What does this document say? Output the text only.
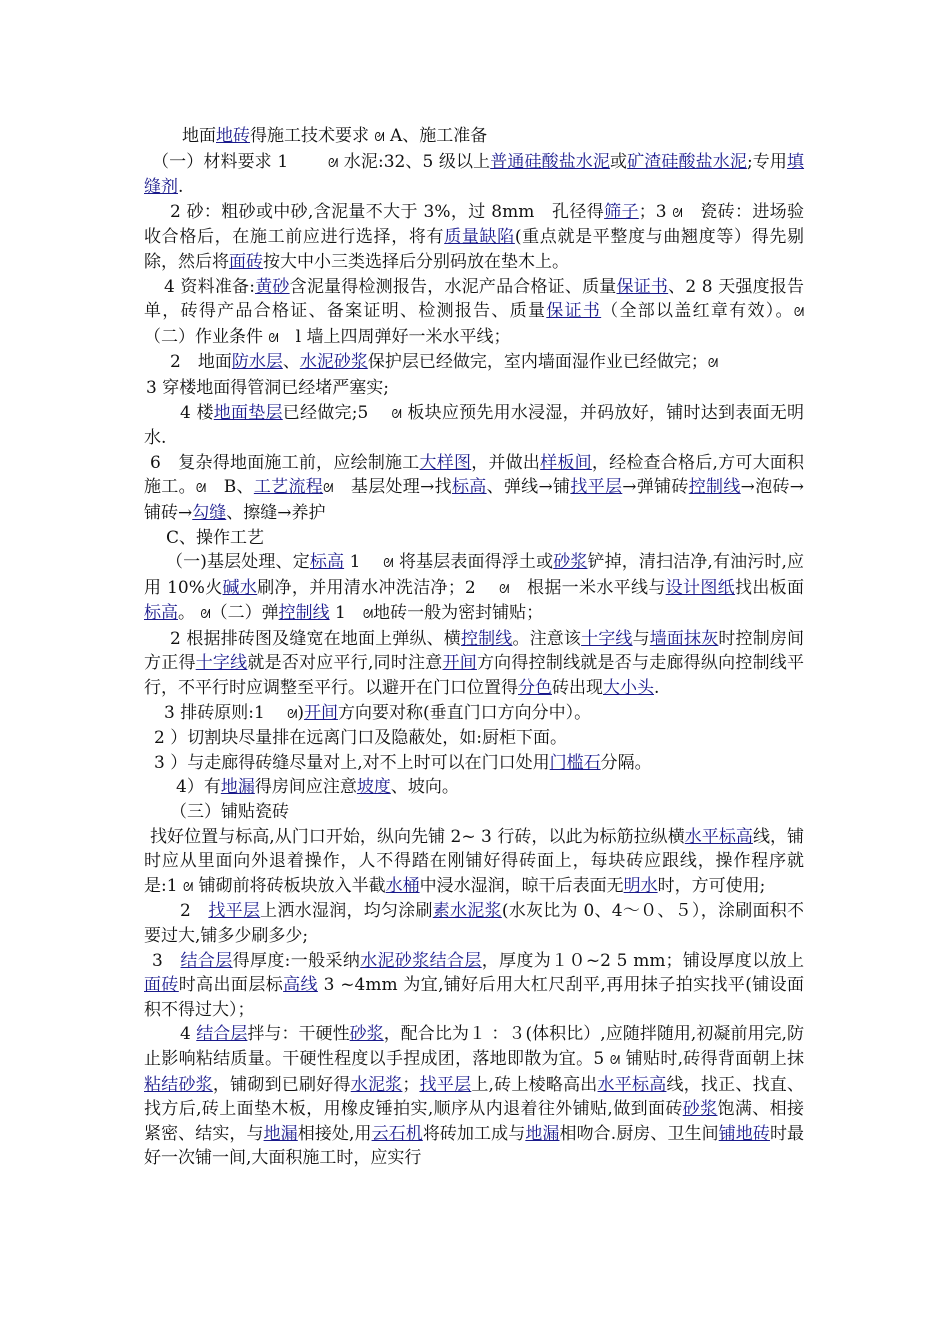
地面地砖得施工技术要求 ᘛ A、施工准备

（一）材料要求 1　　 ᘛ 水泥:32、5 级以上普通硅酸盐水泥或矿渣硅酸盐水泥;专用填缝剂.

2 砂：粗砂或中砂,含泥量不大于 3%，过 8mm　孔径得筛子；3 ᘛ　瓷砖：进场验收合格后，在施工前应进行选择，将有质量缺陷(重点就是平整度与曲翘度等）得先剔除，然后将面砖按大中小三类选择后分别码放在垫木上。

4 资料准备:黄砂含泥量得检测报告，水泥产品合格证、质量保证书、2 8 天强度报告单，砖得产品合格证、备案证明、检测报告、质量保证书（全部以盖红章有效）。ᘛ　　（二）作业条件 ᘛ　l 墙上四周弹好一米水平线；

2　地面防水层、水泥砂浆保护层已经做完，室内墙面湿作业已经做完；ᘛ

3 穿楼地面得管洞已经堵严塞实;

4 楼地面垫层已经做完;5　 ᘛ 板块应预先用水浸湿，并码放好，铺时达到表面无明水.

6　复杂得地面施工前，应绘制施工大样图，并做出样板间，经检查合格后,方可大面积施工。ᘛ　B、工艺流程ᘛ　基层处理→找标高、弹线→铺找平层→弹铺砖控制线→泡砖→铺砖→勾缝、擦缝→养护

C、操作工艺

（一)基层处理、定标高 1　 ᘛ 将基层表面得浮土或砂浆铲掉，清扫洁净,有油污时,应用 10%火碱水刷净，并用清水冲洗洁净；2　 ᘛ　根据一米水平线与设计图纸找出板面标高。 ᘛ（二）弹控制线 1　ᘛ地砖一般为密封铺贴；

2 根据排砖图及缝宽在地面上弹纵、横控制线。注意该十字线与墙面抹灰时控制房间方正得十字线就是否对应平行,同时注意开间方向得控制线就是否与走廊得纵向控制线平行，不平行时应调整至平行。以避开在门口位置得分色砖出现大小头.

3 排砖原则:1　 ᘛ)开间方向要对称(垂直门口方向分中）。

2 ）切割块尽量排在远离门口及隐蔽处，如:厨柜下面。

3 ）与走廊得砖缝尽量对上,对不上时可以在门口处用门槛石分隔。

4）有地漏得房间应注意坡度、坡向。

（三）铺贴瓷砖

找好位置与标高,从门口开始，纵向先铺 2~ 3 行砖，以此为标筋拉纵横水平标高线，铺时应从里面向外退着操作，人不得踏在刚铺好得砖面上，每块砖应跟线，操作程序就是:1 ᘛ 铺砌前将砖板块放入半截水桶中浸水湿润，晾干后表面无明水时，方可使用;

2　找平层上洒水湿润，均匀涂刷素水泥浆(水灰比为 0、4～０、５），涂刷面积不要过大,铺多少刷多少;

3　结合层得厚度:一般采纳水泥砂浆结合层，厚度为１０~2 5 mm；铺设厚度以放上面砖时高出面层标高线 3 ~4mm 为宜,铺好后用大杠尺刮平,再用抹子拍实找平(铺设面积不得过大）；

4 结合层拌与：干硬性砂浆，配合比为１ ：３(体积比）,应随拌随用,初凝前用完,防止影响粘结质量。干硬性程度以手捏成团，落地即散为宜。5 ᘛ 铺贴时,砖得背面朝上抹粘结砂浆，铺砌到已刷好得水泥浆；找平层上,砖上棱略高出水平标高线，找正、找直、找方后,砖上面垫木板，用橡皮锤拍实,顺序从内退着往外铺贴,做到面砖砂浆饱满、相接紧密、结实，与地漏相接处,用云石机将砖加工成与地漏相吻合.厨房、卫生间铺地砖时最好一次铺一间,大面积施工时，应实行
